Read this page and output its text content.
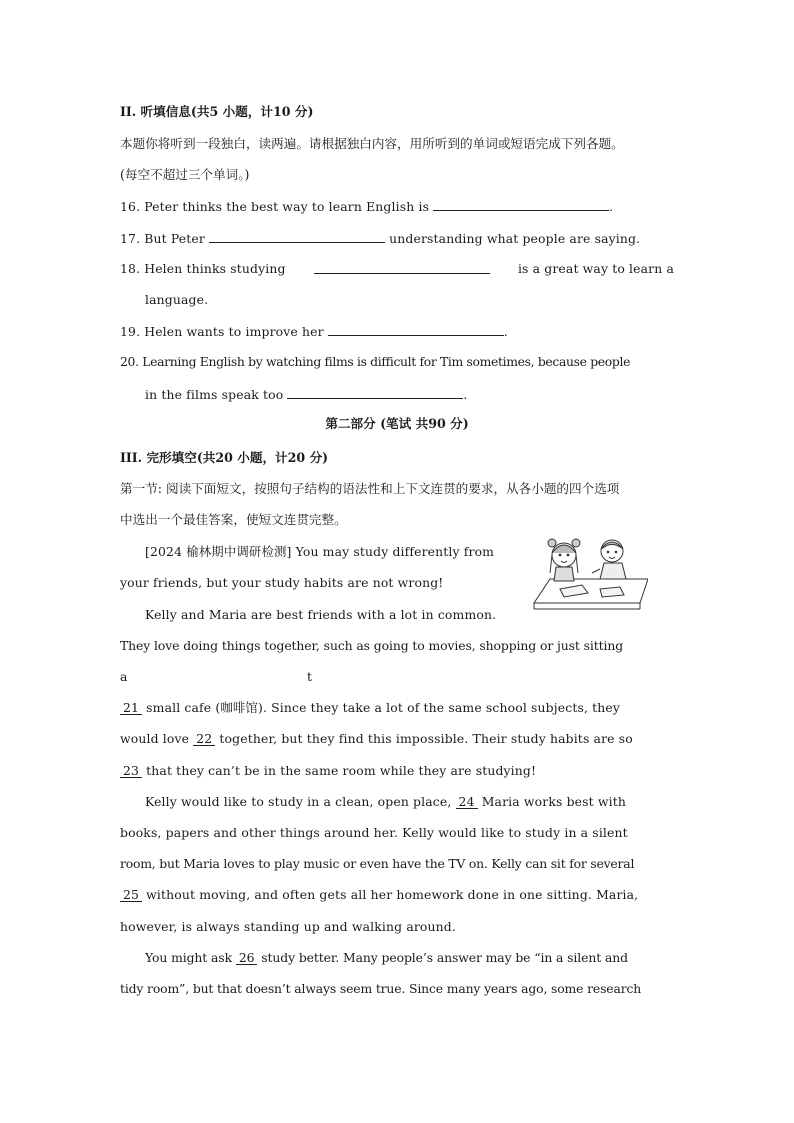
II. 听填信息(共5 小题，计10 分)
本题你将听到一段独白，读两遍。请根据独白内容，用所听到的单词或短语完成下列各题。
(每空不超过三个单词。)
16. Peter thinks the best way to learn English is	.
17. But Peter	understanding what people are saying.
18. Helen thinks studying	is a great way to learn a
language.
19. Helen wants to improve her	.
20. Learning English by watching films is difficult for Tim sometimes, because people
in the films speak too	.
第二部分 (笔试 共90 分)
III. 完形填空(共20 小题，计20 分)
第一节: 阅读下面短文，按照句子结构的语法性和上下文连贯的要求，从各小题的四个选项
中选出一个最佳答案，使短文连贯完整。
[2024 榆林期中调研检测] You may study differently from
your friends, but your study habits are not wrong!
Kelly and Maria are best friends with a lot in common.
They love doing things together, such as going to movies, shopping or just sitting
a	t
21 small cafe (咖啡馆). Since they take a lot of the same school subjects, they
would love 22 together, but they find this impossible. Their study habits are so
23 that they can’t be in the same room while they are studying!
Kelly would like to study in a clean, open place, 24 Maria works best with
books, papers and other things around her. Kelly would like to study in a silent
room, but Maria loves to play music or even have the TV on. Kelly can sit for several
25 without moving, and often gets all her homework done in one sitting. Maria,
however, is always standing up and walking around.
You might ask 26 study better. Many people’s answer may be “in a silent and
tidy room”, but that doesn’t always seem true. Since many years ago, some research
